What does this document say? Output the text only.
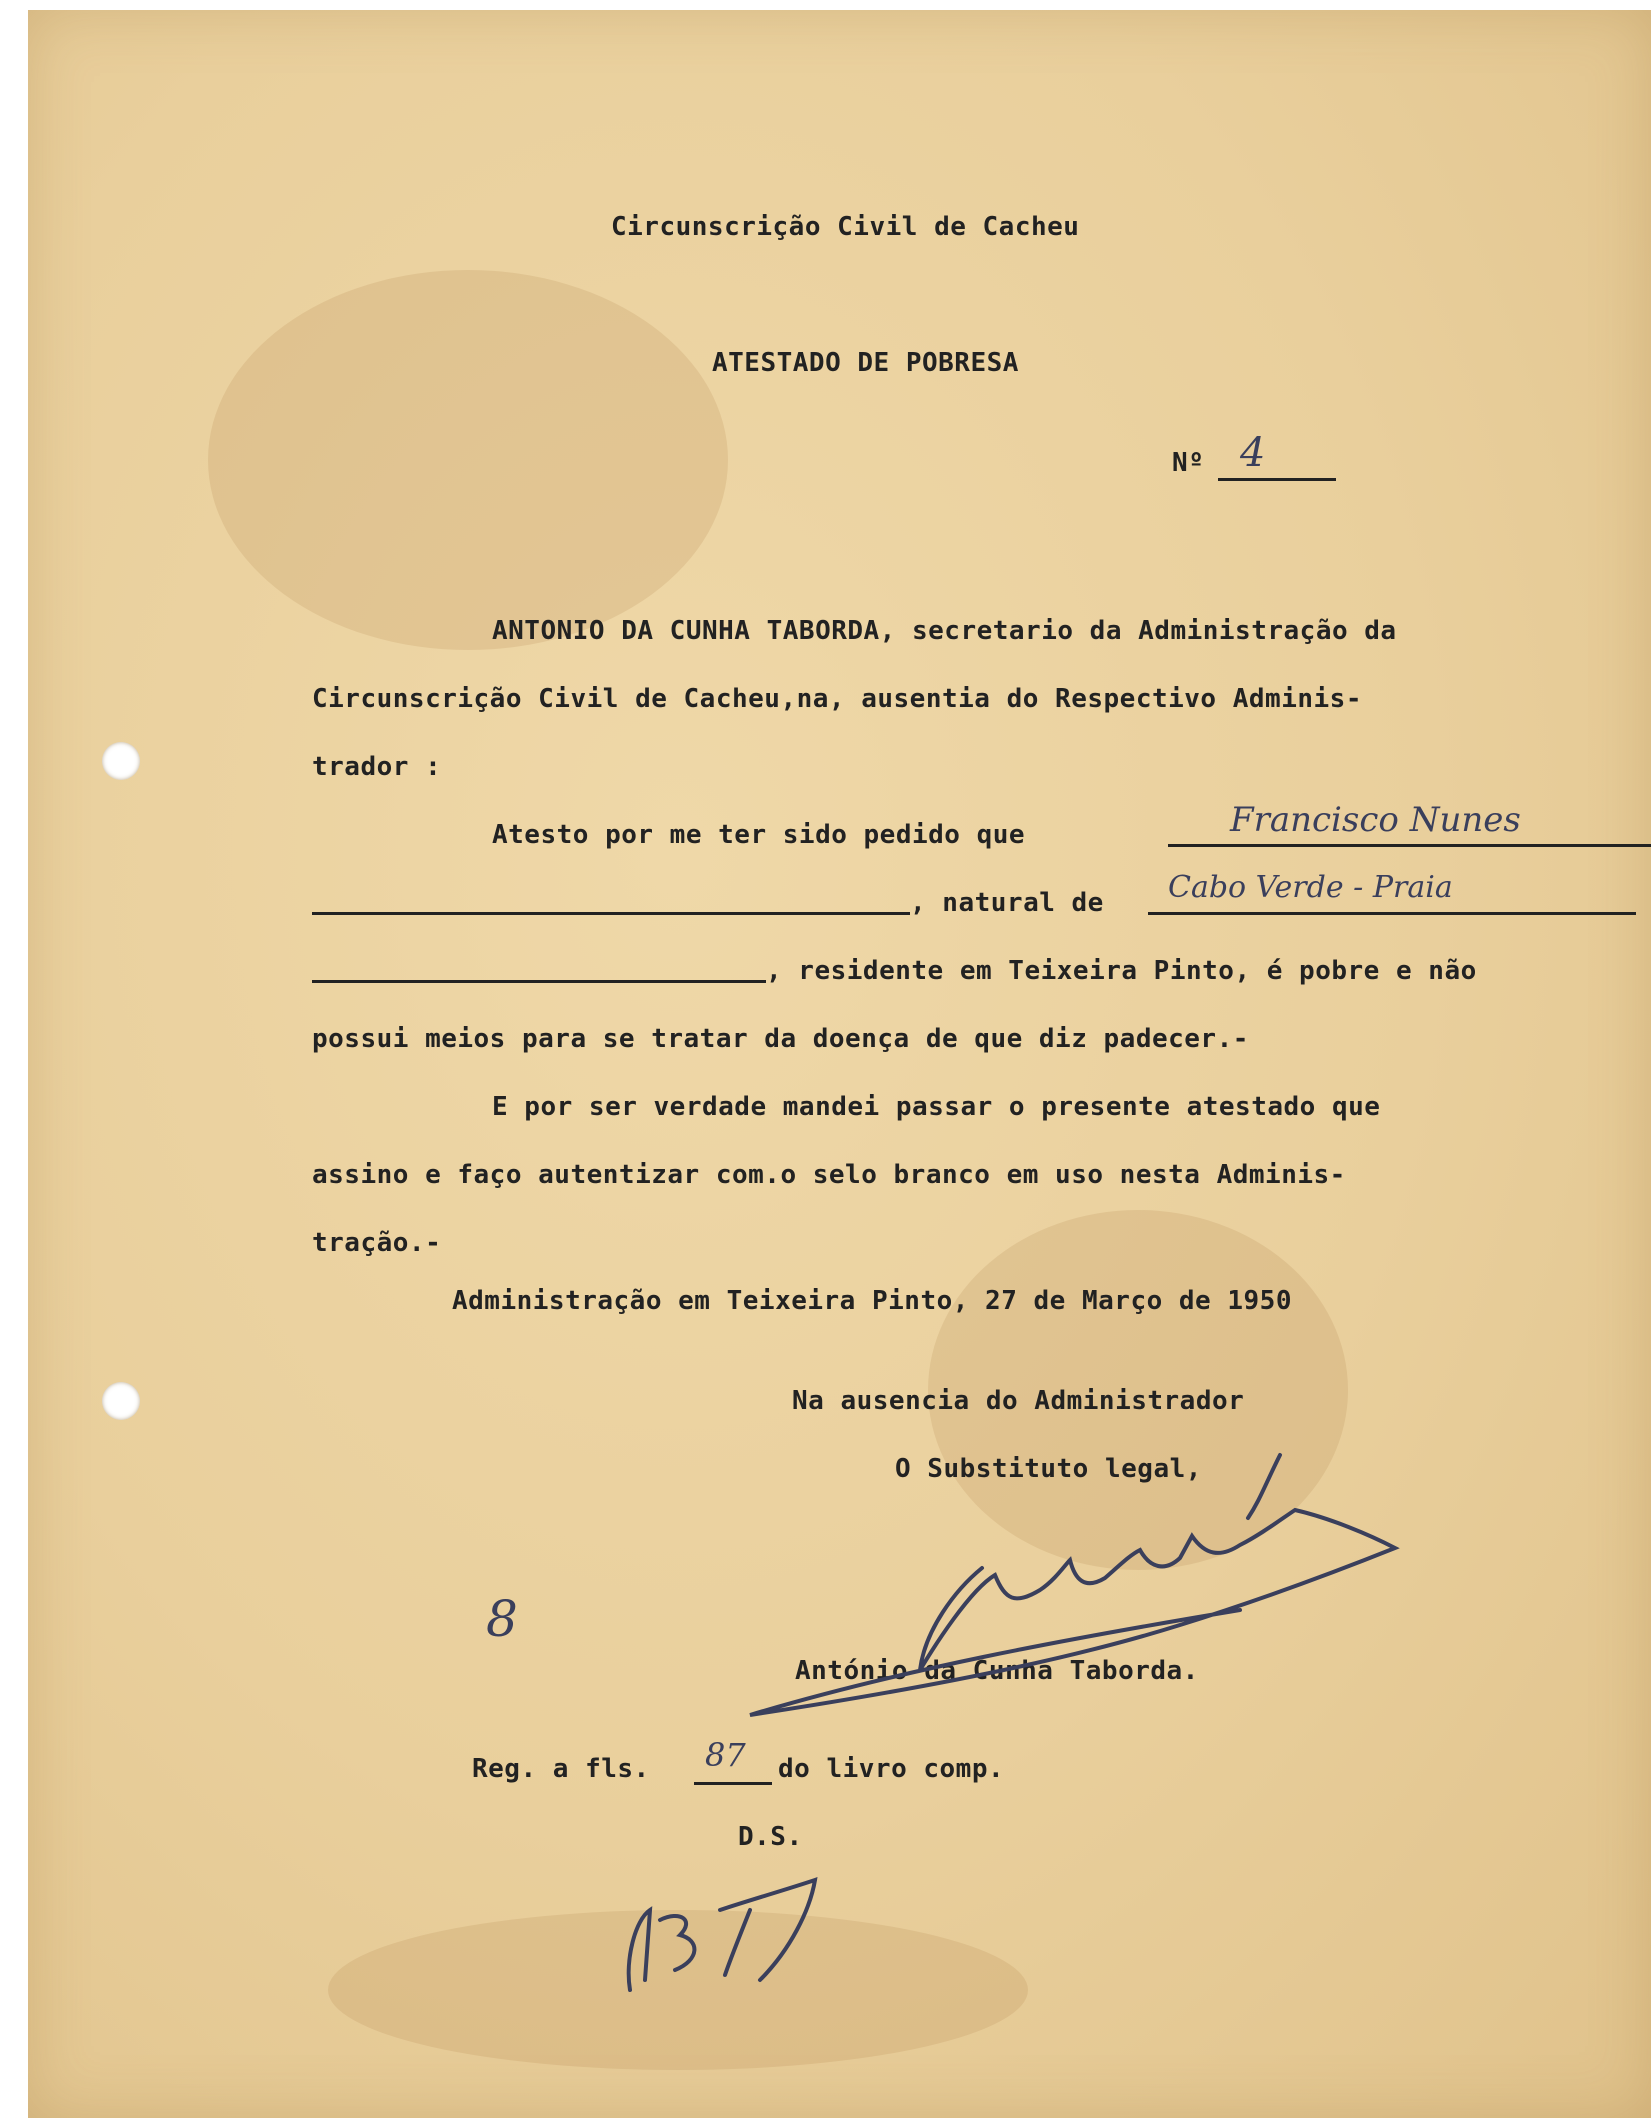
Circunscrição Civil de Cacheu
ATESTADO DE POBRESA
Nº 4
ANTONIO DA CUNHA TABORDA, secretario da Administração da
Circunscrição Civil de Cacheu,na, ausentia do Respectivo Adminis-
trador :
Atesto por me ter sido pedido que	Francisco Nunes
, natural de Cabo Verde - Praia
, residente em Teixeira Pinto, é pobre e não
possui meios para se tratar da doença de que diz padecer.-
E por ser verdade mandei passar o presente atestado que
assino e faço autentizar com.o selo branco em uso nesta Adminis-
tração.-
Administração em Teixeira Pinto, 27 de Março de 1950
Na ausencia do Administrador
O Substituto legal,
António da Cunha Taborda.
8
Reg. a fls. 87 do livro comp.
D.S.
